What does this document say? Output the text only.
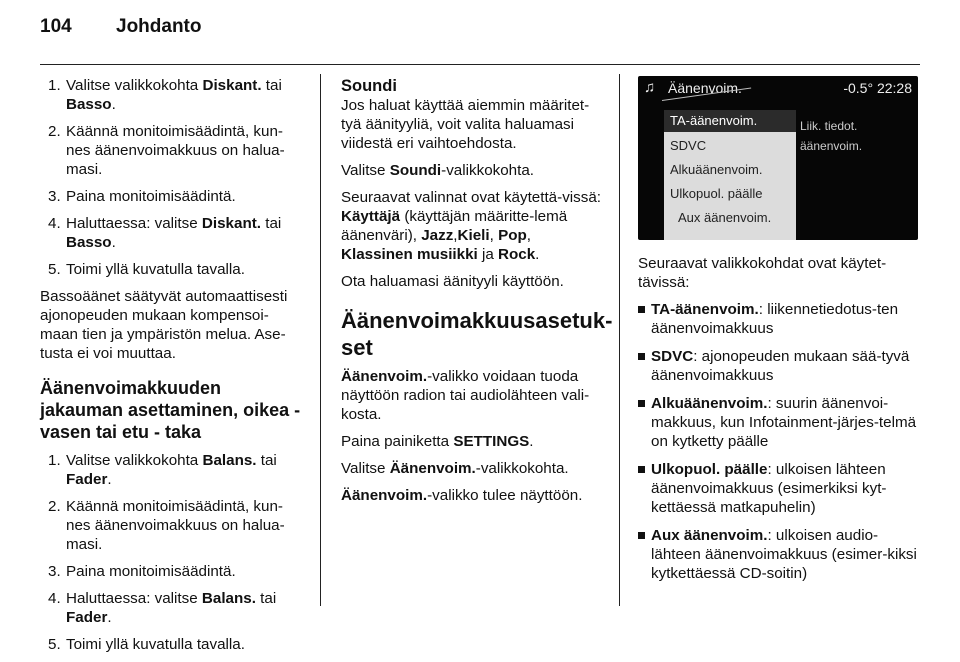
104 Johdanto
1. Valitse valikkokohta Diskant. tai Basso.
2. Käännä monitoimisäädintä, kun-nes äänenvoimakkuus on halua-masi.
3. Paina monitoimisäädintä.
4. Haluttaessa: valitse Diskant. tai Basso.
5. Toimi yllä kuvatulla tavalla.

Bassoäänet säätyvät automaattisesti ajonopeuden mukaan kompensoi-maan tien ja ympäristön melua. Ase-tusta ei voi muuttaa.

Äänenvoimakkuuden jakauman asettaminen, oikea - vasen tai etu - taka
1. Valitse valikkokohta Balans. tai Fader.
2. Käännä monitoimisäädintä, kun-nes äänenvoimakkuus on halua-masi.
3. Paina monitoimisäädintä.
4. Haluttaessa: valitse Balans. tai Fader.
5. Toimi yllä kuvatulla tavalla.
Soundi

Jos haluat käyttää aiemmin määritet-tyä äänityyliä, voit valita haluamasi viidestä eri vaihtoehdosta.

Valitse Soundi-valikkokohta.

Seuraavat valinnat ovat käytettä-vissä: Käyttäjä (käyttäjän määritte-lemä äänenväri), Jazz,Kieli, Pop, Klassinen musiikki ja Rock.

Ota haluamasi äänityyli käyttöön.

Äänenvoimakkuusasetuk-set

Äänenvoim.-valikko voidaan tuoda näyttöön radion tai audiolähteen vali-kosta.

Paina painiketta SETTINGS.

Valitse Äänenvoim.-valikkokohta.

Äänenvoim.-valikko tulee näyttöön.

♫ Äänenvoim.	-0.5° 22:28
TA-äänenvoim.
SDVC
Alkuäänenvoim.
Ulkopuol. päälle
Aux äänenvoim.
Liik. tiedot.
äänenvoim.

Seuraavat valikkokohdat ovat käytet-tävissä:

TA-äänenvoim.: liikennetiedotus-ten äänenvoimakkuus
SDVC: ajonopeuden mukaan sää-tyvä äänenvoimakkuus
Alkuäänenvoim.: suurin äänenvoi-makkuus, kun Infotainment-järjes-telmä on kytketty päälle
Ulkopuol. päälle: ulkoisen lähteen äänenvoimakkuus (esimerkiksi kyt-kettäessä matkapuhelin)
Aux äänenvoim.: ulkoisen audio-lähteen äänenvoimakkuus (esimer-kiksi kytkettäessä CD-soitin)
